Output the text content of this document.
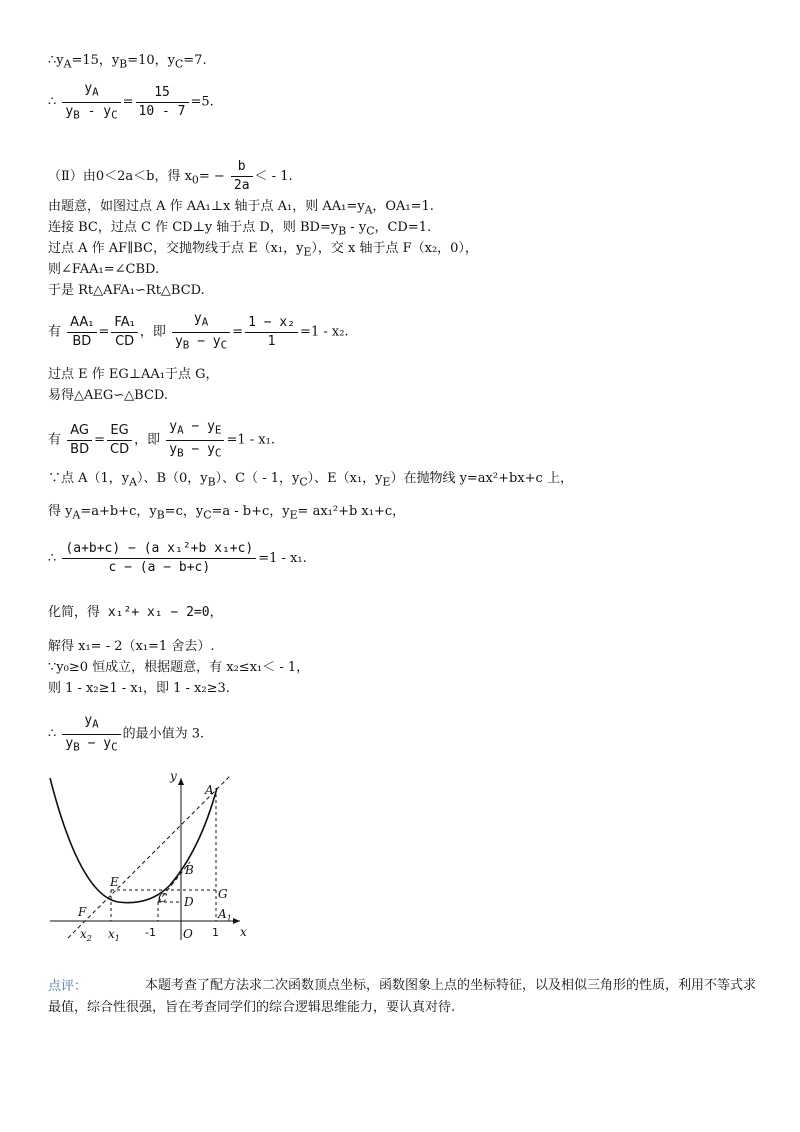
$\therefore y_A=15$，$y_B=10$，$y_C=7$.
∴ $\frac{y_A}{y_B - y_C} = \frac{15}{10 - 7} =5$.
（Ⅱ）由0＜2a＜b，得 $x_0= - \frac{b}{2a}$ ＜ - 1.
由题意，如图过点 A 作 AA₁⊥x 轴于点 A₁，则 $AA_1=y_A$，OA₁=1.
连接 BC，过点 C 作 CD⊥y 轴于点 D，则 $BD=y_B - y_C$，CD=1.
过点 A 作 AF∥BC，交抛物线于点 E（x₁，$y_E$），交 x 轴于点 F（x₂，0），
则∠FAA₁=∠CBD.
于是 Rt△AFA₁∽Rt△BCD.
有 $\frac{\text{AA₁}}{BD} = \frac{\text{FA₁}}{CD}$ ，即 $\frac{y_A}{y_B - y_C} = \frac{\text{1 − x₂}}{1} =1 - x_2$.
过点 E 作 EG⊥AA₁于点 G，
易得△AEG∽△BCD.
有 $\frac{AG}{BD} = \frac{EG}{CD}$ ，即 $\frac{y_A - y_E}{y_B - y_C} =1 - x_1$.
∵点 A（1，$y_A$）、B（0，$y_B$）、C（ - 1，$y_C$）、E（x₁，$y_E$）在抛物线 y=ax²+bx+c 上，
得 $y_A=a+b+c$，$y_B=c$，$y_C=a - b+c$，$y_E= ax_1^2+b$ x₁+c，
∴ $\frac{\text{(a+b+c) − (a x₁²+b x₁+c)}}{c - (a - b+c)} =1 - x_1$.
化简，得 x₁²+ x₁ − 2=0，
解得 x₁= - 2（x₁=1 舍去）.
∵y₀≥0 恒成立，根据题意，有 x₂≤x₁＜ - 1，
则 1 - x₂≥1 - x₁，即 1 - x₂≥3.
∴ $\frac{y_A}{y_B - y_C}$ 的最小值为 3.
y
A
B
E
G
C D
F	$A_1$
x
O
$x_2$ $x_1$ -1	1
本题考查了配方法求二次函数顶点坐标，函数图象上点的坐标特征，以及相似三角形的性质，利用不等式求最值，综合性很强，旨在考查同学们的综合逻辑思维能力，要认真对待.
点评：
